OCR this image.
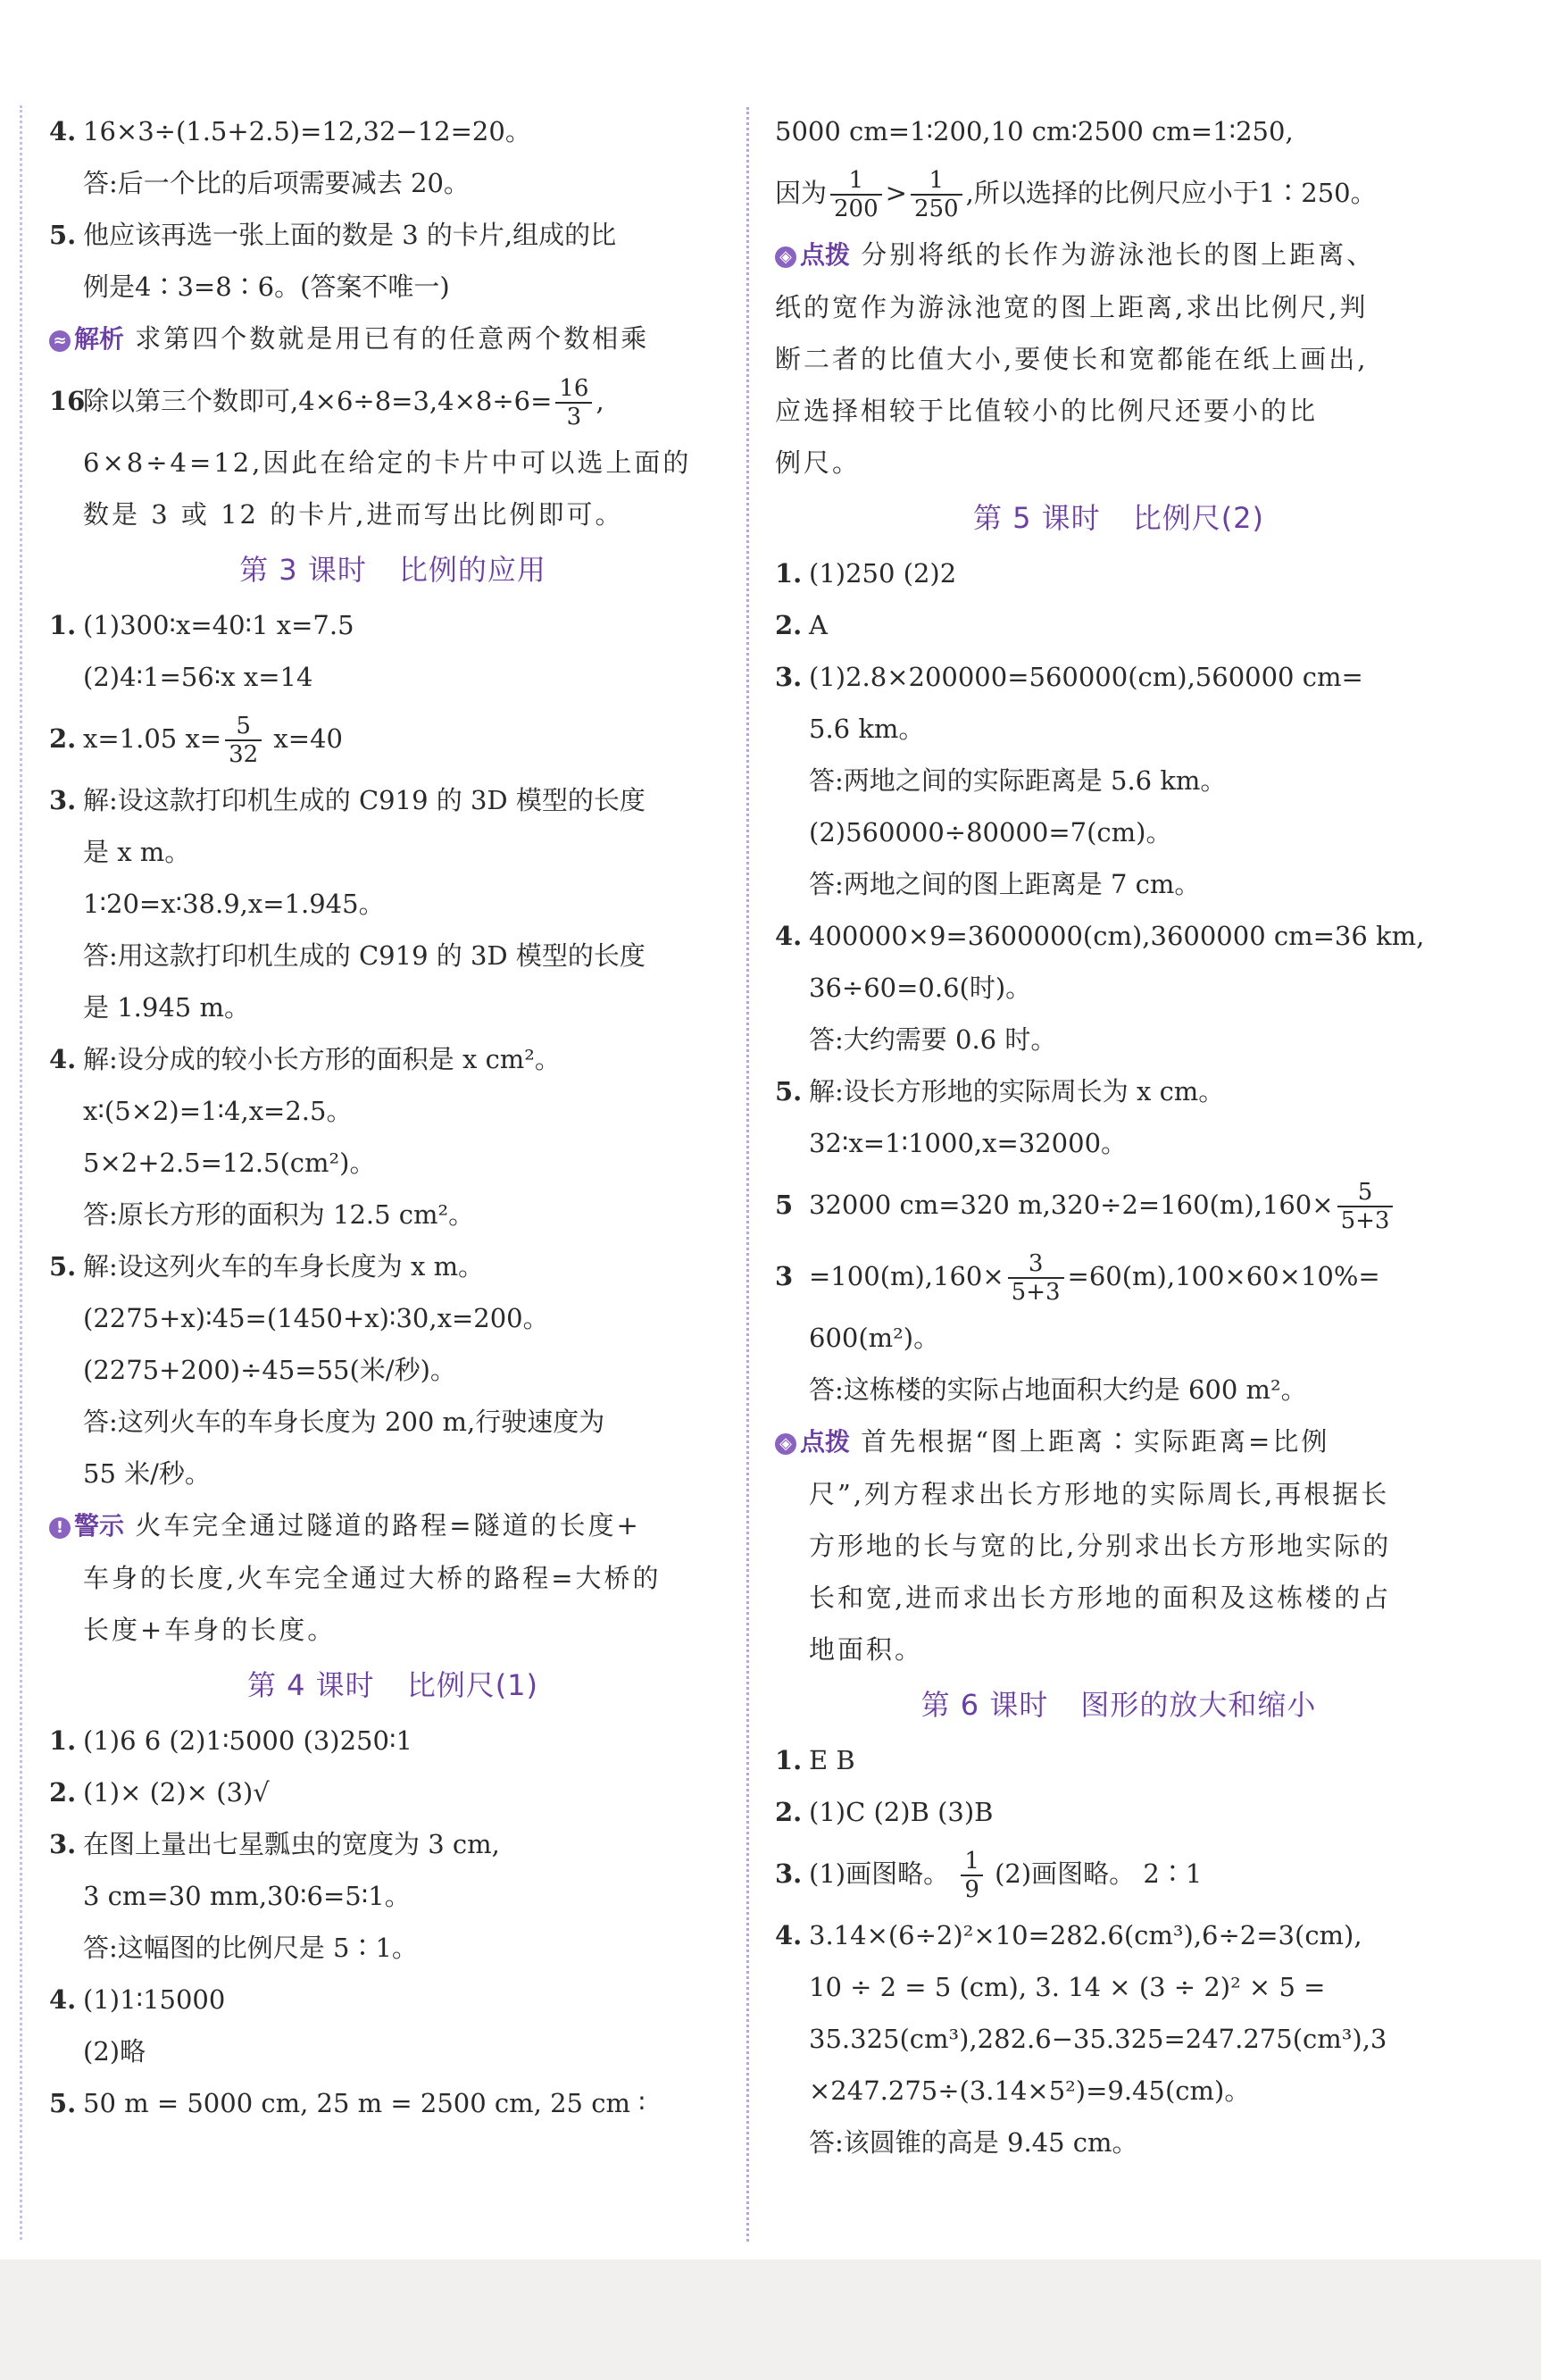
4. 16×3÷(1.5+2.5)=12,32−12=20。
答:后一个比的后项需要减去 20。
5. 他应该再选一张上面的数是 3 的卡片,组成的比
例是4∶3=8∶6。(答案不唯一)
≈ 解析 求第四个数就是用已有的任意两个数相乘
16除以第三个数即可$,4\times 6\div 8=3,4\times 8\div 6= \frac{16}{3}$ ,
6×8÷4=12,因此在给定的卡片中可以选上面的
数是 3 或 12 的卡片,进而写出比例即可。
第 3 课时 比例的应用
1. (1)300∶x=40∶1 x=7.5
(2)4∶1=56∶x x=14
2. x=1.05 $x= \frac{5}{32} x=40$
3. 解:设这款打印机生成的 C919 的 3D 模型的长度
是 x m。
1∶20=x∶38.9,x=1.945。
答:用这款打印机生成的 C919 的 3D 模型的长度
是 1.945 m。
4. 解:设分成的较小长方形的面积是 x cm²。
x∶(5×2)=1∶4,x=2.5。
5×2+2.5=12.5(cm²)。
答:原长方形的面积为 12.5 cm²。
5. 解:设这列火车的车身长度为 x m。
(2275+x)∶45=(1450+x)∶30,x=200。
(2275+200)÷45=55(米/秒)。
答:这列火车的车身长度为 200 m,行驶速度为
55 米/秒。
! 警示 火车完全通过隧道的路程=隧道的长度+
车身的长度,火车完全通过大桥的路程=大桥的
长度+车身的长度。
第 4 课时 比例尺(1)
1. (1)6 6 (2)1∶5000 (3)250∶1
2. (1)× (2)× (3)√
3. 在图上量出七星瓢虫的宽度为 3 cm,
3 cm=30 mm,30∶6=5∶1。
答:这幅图的比例尺是 5∶1。
4. (1)1∶15000
(2)略
5. 50 m = 5000 cm, 25 m = 2500 cm, 25 cm ∶
5000 cm=1∶200,10 cm∶2500 cm=1∶250,
因为 $\frac{1}{200} > \frac{1}{250}$ ,所以选择的比例尺应小于1∶250。
◈ 点拨 分别将纸的长作为游泳池长的图上距离、
纸的宽作为游泳池宽的图上距离,求出比例尺,判
断二者的比值大小,要使长和宽都能在纸上画出,
应选择相较于比值较小的比例尺还要小的比
例尺。
第 5 课时 比例尺(2)
1. (1)250 (2)2
2. A
3. (1)2.8×200000=560000(cm),560000 cm=
5.6 km。
答:两地之间的实际距离是 5.6 km。
(2)560000÷80000=7(cm)。
答:两地之间的图上距离是 7 cm。
4. 400000×9=3600000(cm),3600000 cm=36 km,
36÷60=0.6(时)。
答:大约需要 0.6 时。
5. 解:设长方形地的实际周长为 x cm。
32∶x=1∶1000,x=32000。
5 32000 cm=320 $m,320\div 2=160(m),160\times \frac{5}{5+3}$
$3 =100(m),160\times \frac{3}{5+3} =60(m),100\times 60\times 10\%=$
600(m²)。
答:这栋楼的实际占地面积大约是 600 m²。
◈ 点拨 首先根据“图上距离∶实际距离=比例
尺”,列方程求出长方形地的实际周长,再根据长
方形地的长与宽的比,分别求出长方形地实际的
长和宽,进而求出长方形地的面积及这栋楼的占
地面积。
第 6 课时 图形的放大和缩小
1. E B
2. (1)C (2)B (3)B
3. (1)画图略。 $\frac{1}{9} (2)$画图略。 2∶1
4. 3.14×(6÷2)²×10=282.6(cm³),6÷2=3(cm),
10 ÷ 2 = 5 (cm), 3. 14 × (3 ÷ 2)² × 5 =
35.325(cm³),282.6−35.325=247.275(cm³),3
×247.275÷(3.14×5²)=9.45(cm)。
答:该圆锥的高是 9.45 cm。
